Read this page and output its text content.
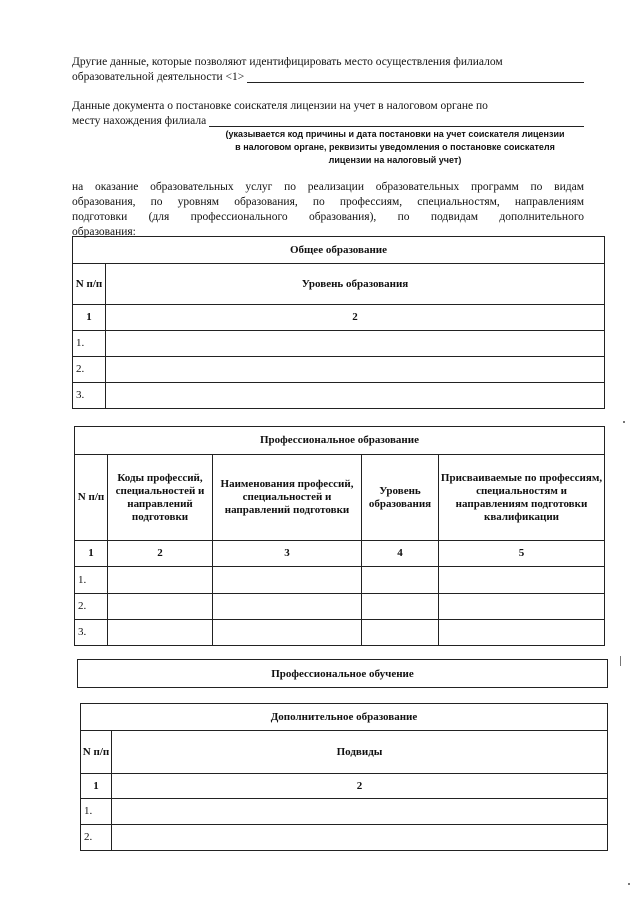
Другие данные, которые позволяют идентифицировать место осуществления филиалом
образовательной деятельности <1>
Данные документа о постановке соискателя лицензии на учет в налоговом органе по
месту нахождения филиала
(указывается код причины и дата постановки на учет соискателя лицензии
в налоговом органе, реквизиты уведомления о постановке соискателя
лицензии на налоговый учет)
на оказание образовательных услуг по реализации образовательных программ по видам
образования, по уровням образования, по профессиям, специальностям, направлениям
подготовки (для профессионального образования), по подвидам дополнительного
образования:
Общее образование	
N п/п	Уровень образования
1	2
1.	
2.	
3.	
Профессиональное образование				
N п/п	Коды профессий, специальностей и направлений подготовки	Наименования профессий, специальностей и направлений подготовки	Уровень образования	Присваиваемые по профессиям, специальностям и направлениям подготовки квалификации
1	2	3	4	5
1.				
2.				
3.				
Профессиональное обучение
Дополнительное образование	
N п/п	Подвиды
1	2
1.	
2.	
